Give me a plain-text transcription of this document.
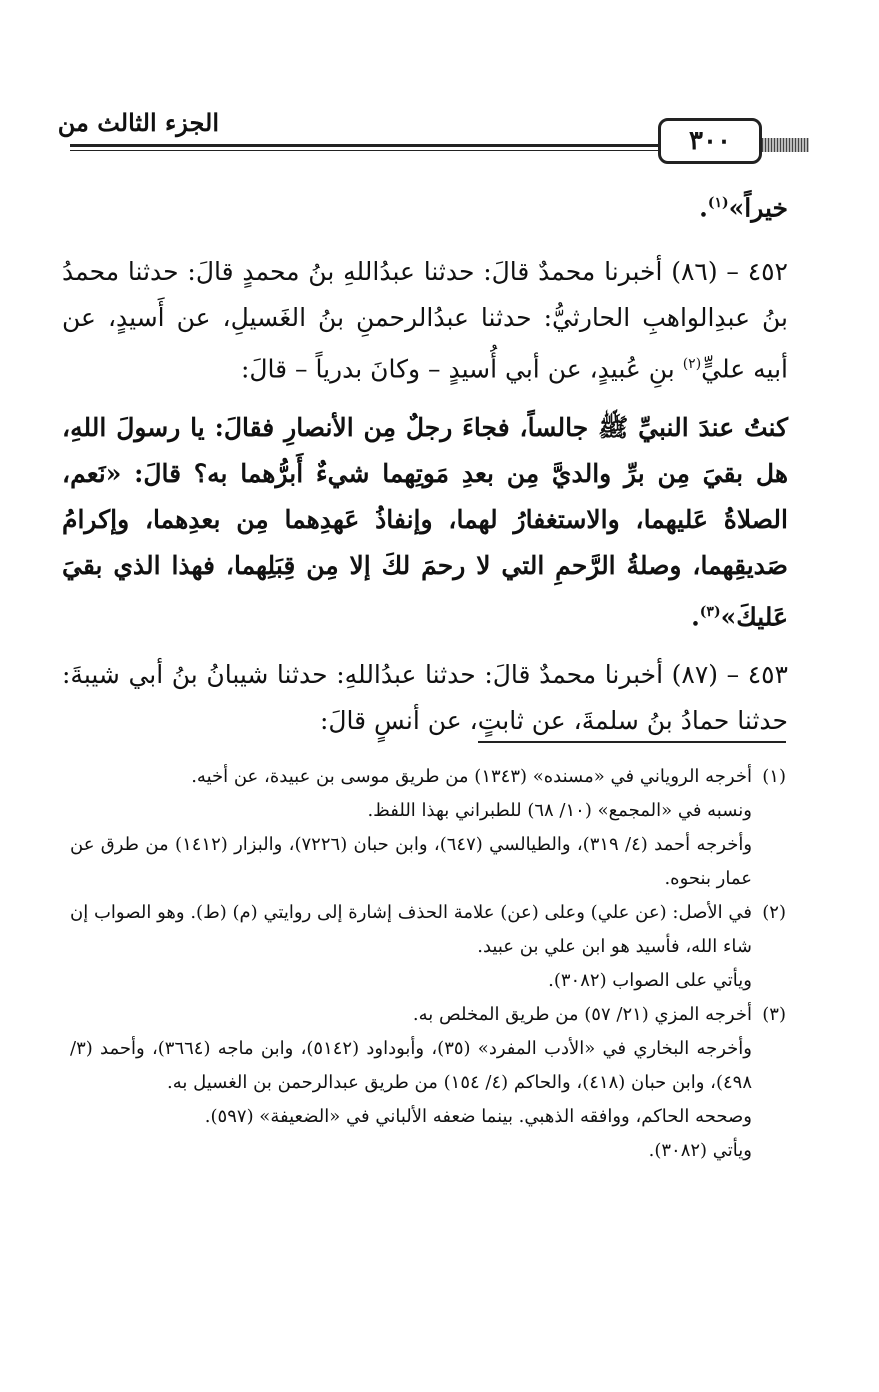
الجزء الثالث من
٣٠٠
خيراً»$^{(١)}$.
٤٥٢ – (٨٦) أخبرنا محمدٌ قالَ: حدثنا عبدُاللهِ بنُ محمدٍ قالَ: حدثنا محمدُ بنُ عبدِالواهبِ الحارثيُّ: حدثنا عبدُالرحمنِ بنُ الغَسيلِ، عن أَسيدٍ، عن أبيه عليٍّ$^{(٢)}$ بنِ عُبيدٍ، عن أبي أُسيدٍ – وكانَ بدرياً – قالَ:
كنتُ عندَ النبيِّ ﷺ جالساً، فجاءَ رجلٌ مِن الأنصارِ فقالَ: يا رسولَ اللهِ، هل بقيَ مِن برِّ والديَّ مِن بعدِ مَوتِهما شيءٌ أَبرُّهما به؟ قالَ: «نَعم، الصلاةُ عَليهما، والاستغفارُ لهما، وإنفاذُ عَهدِهما مِن بعدِهما، وإكرامُ صَديقِهما، وصلةُ الرَّحمِ التي لا رحمَ لكَ إلا مِن قِبَلِهما، فهذا الذي بقيَ عَليكَ»$^{(٣)}$.
٤٥٣ – (٨٧) أخبرنا محمدٌ قالَ: حدثنا عبدُاللهِ: حدثنا شيبانُ بنُ أبي شيبةَ: حدثنا حمادُ بنُ سلمةَ، عن ثابتٍ، عن أنسٍ قالَ:
(١)
أخرجه الروياني في «مسنده» (١٣٤٣) من طريق موسى بن عبيدة، عن أخيه.
ونسبه في «المجمع» (١٠/ ٦٨) للطبراني بهذا اللفظ.
وأخرجه أحمد (٤/ ٣١٩)، والطيالسي (٦٤٧)، وابن حبان (٧٢٢٦)، والبزار (١٤١٢) من طرق عن عمار بنحوه.
(٢)
في الأصل: (عن علي) وعلى (عن) علامة الحذف إشارة إلى روايتي (م) (ط). وهو الصواب إن شاء الله، فأسيد هو ابن علي بن عبيد.
ويأتي على الصواب (٣٠٨٢).
(٣)
أخرجه المزي (٢١/ ٥٧) من طريق المخلص به.
وأخرجه البخاري في «الأدب المفرد» (٣٥)، وأبوداود (٥١٤٢)، وابن ماجه (٣٦٦٤)، وأحمد (٣/ ٤٩٨)، وابن حبان (٤١٨)، والحاكم (٤/ ١٥٤) من طريق عبدالرحمن بن الغسيل به.
وصححه الحاكم، ووافقه الذهبي. بينما ضعفه الألباني في «الضعيفة» (٥٩٧).
ويأتي (٣٠٨٢).
